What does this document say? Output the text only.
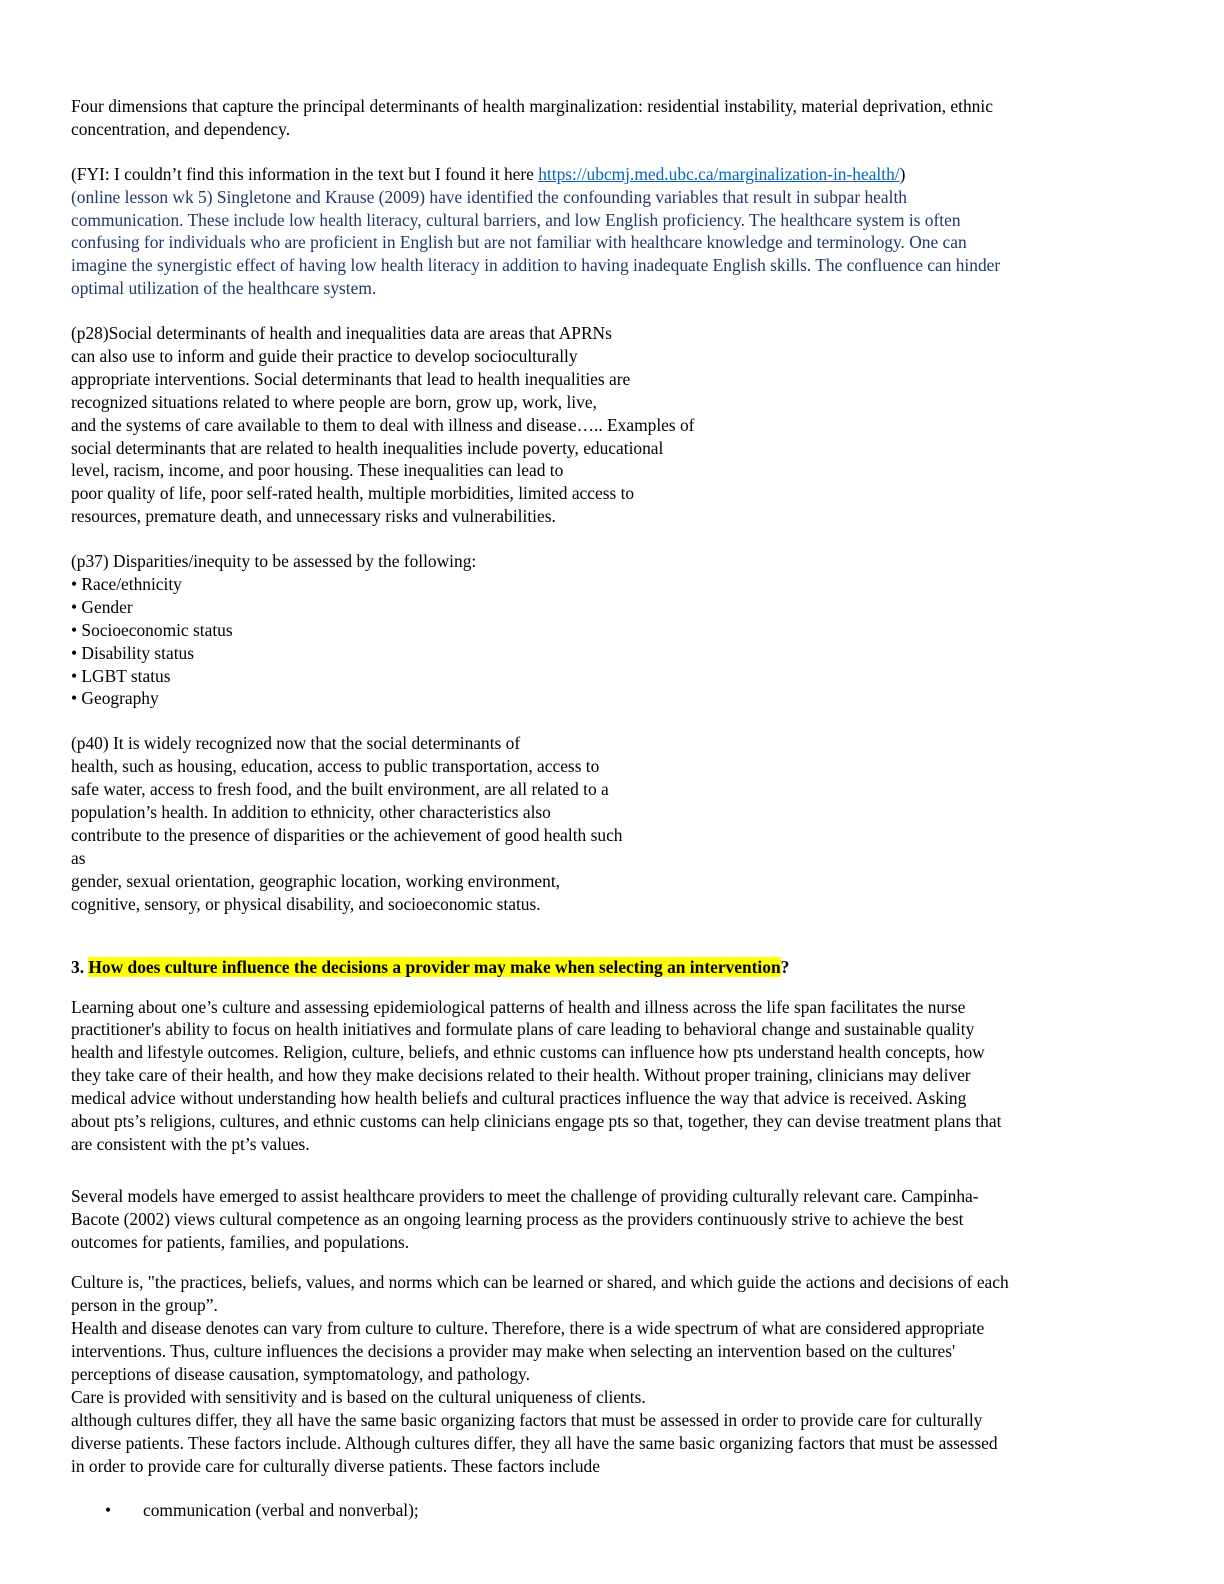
Four dimensions that capture the principal determinants of health marginalization: residential instability, material deprivation, ethnic
concentration, and dependency.
(FYI: I couldn’t find this information in the text but I found it here https://ubcmj.med.ubc.ca/marginalization-in-health/)
(online lesson wk 5) Singletone and Krause (2009) have identified the confounding variables that result in subpar health
communication. These include low health literacy, cultural barriers, and low English proficiency. The healthcare system is often
confusing for individuals who are proficient in English but are not familiar with healthcare knowledge and terminology. One can
imagine the synergistic effect of having low health literacy in addition to having inadequate English skills. The confluence can hinder
optimal utilization of the healthcare system.
(p28)Social determinants of health and inequalities data are areas that APRNs
can also use to inform and guide their practice to develop socioculturally
appropriate interventions. Social determinants that lead to health inequalities are
recognized situations related to where people are born, grow up, work, live,
and the systems of care available to them to deal with illness and disease….. Examples of
social determinants that are related to health inequalities include poverty, educational
level, racism, income, and poor housing. These inequalities can lead to
poor quality of life, poor self-rated health, multiple morbidities, limited access to
resources, premature death, and unnecessary risks and vulnerabilities.
(p37) Disparities/inequity to be assessed by the following:
• Race/ethnicity
• Gender
• Socioeconomic status
• Disability status
• LGBT status
• Geography
(p40) It is widely recognized now that the social determinants of
health, such as housing, education, access to public transportation, access to
safe water, access to fresh food, and the built environment, are all related to a
population’s health. In addition to ethnicity, other characteristics also
contribute to the presence of disparities or the achievement of good health such
as
gender, sexual orientation, geographic location, working environment,
cognitive, sensory, or physical disability, and socioeconomic status.
3. How does culture influence the decisions a provider may make when selecting an intervention?
Learning about one’s culture and assessing epidemiological patterns of health and illness across the life span facilitates the nurse
practitioner's ability to focus on health initiatives and formulate plans of care leading to behavioral change and sustainable quality
health and lifestyle outcomes. Religion, culture, beliefs, and ethnic customs can influence how pts understand health concepts, how
they take care of their health, and how they make decisions related to their health. Without proper training, clinicians may deliver
medical advice without understanding how health beliefs and cultural practices influence the way that advice is received. Asking
about pts’s religions, cultures, and ethnic customs can help clinicians engage pts so that, together, they can devise treatment plans that
are consistent with the pt’s values.
Several models have emerged to assist healthcare providers to meet the challenge of providing culturally relevant care. Campinha-
Bacote (2002) views cultural competence as an ongoing learning process as the providers continuously strive to achieve the best
outcomes for patients, families, and populations.
Culture is, "the practices, beliefs, values, and norms which can be learned or shared, and which guide the actions and decisions of each
person in the group”.
Health and disease denotes can vary from culture to culture. Therefore, there is a wide spectrum of what are considered appropriate
interventions. Thus, culture influences the decisions a provider may make when selecting an intervention based on the cultures'
perceptions of disease causation, symptomatology, and pathology.
Care is provided with sensitivity and is based on the cultural uniqueness of clients.
although cultures differ, they all have the same basic organizing factors that must be assessed in order to provide care for culturally
diverse patients. These factors include. Although cultures differ, they all have the same basic organizing factors that must be assessed
in order to provide care for culturally diverse patients. These factors include
• communication (verbal and nonverbal);
